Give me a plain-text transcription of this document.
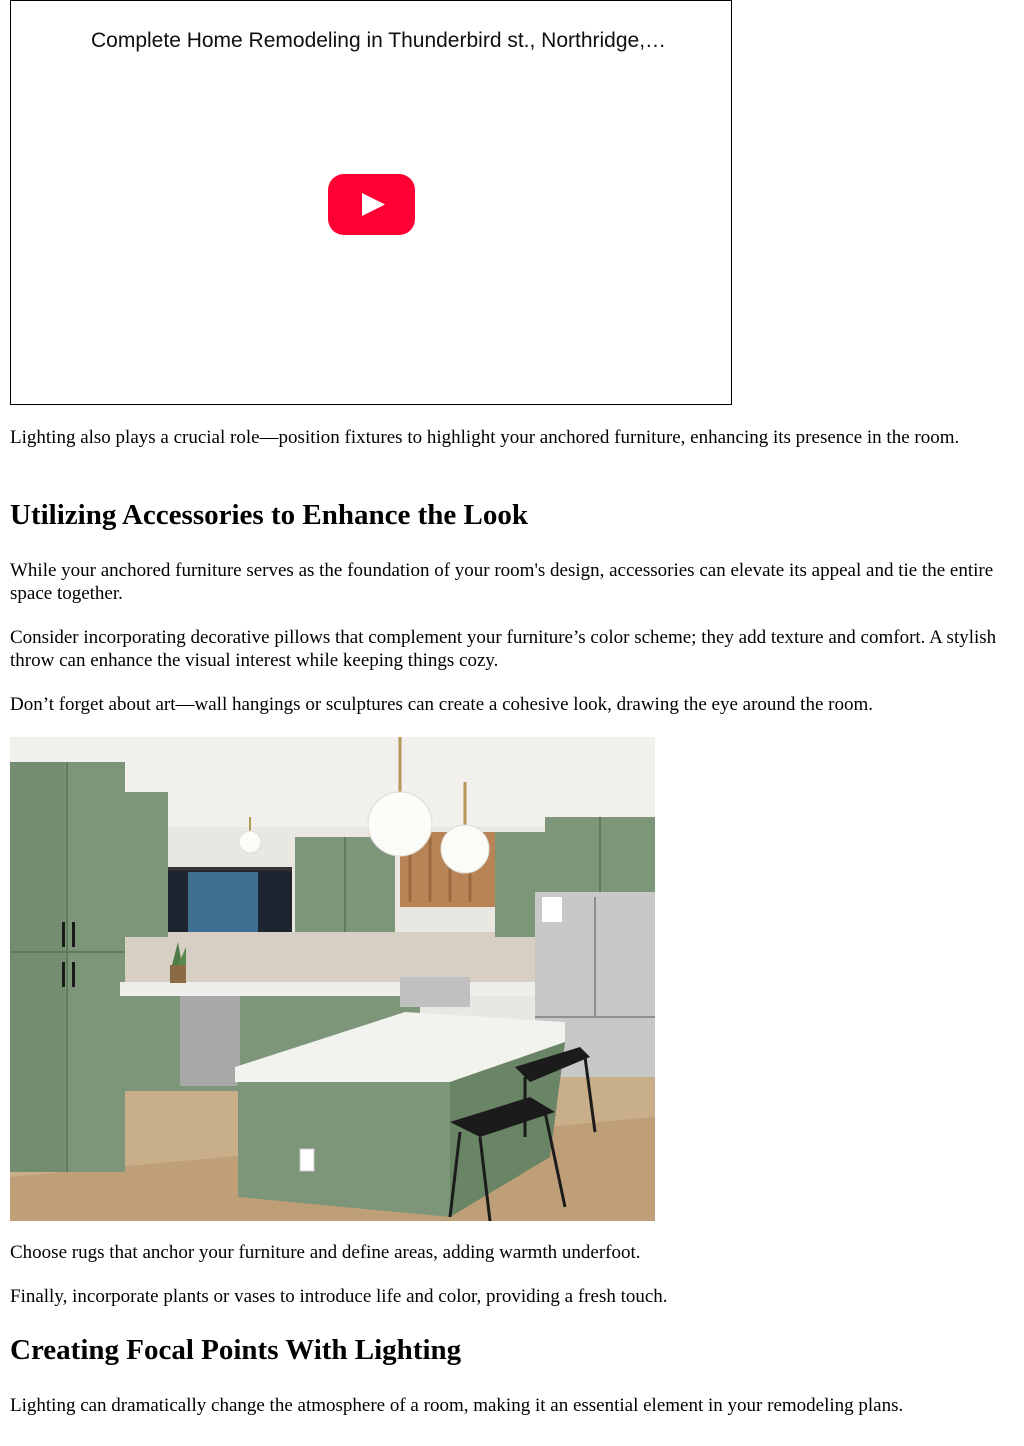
Complete Home Remodeling in Thunderbird st., Northridge,…

Lighting also plays a crucial role—position fixtures to highlight your anchored furniture, enhancing its presence in the room.

Utilizing Accessories to Enhance the Look

While your anchored furniture serves as the foundation of your room's design, accessories can elevate its appeal and tie the entire space together.

Consider incorporating decorative pillows that complement your furniture’s color scheme; they add texture and comfort. A stylish throw can enhance the visual interest while keeping things cozy.

Don’t forget about art—wall hangings or sculptures can create a cohesive look, drawing the eye around the room.

Choose rugs that anchor your furniture and define areas, adding warmth underfoot.

Finally, incorporate plants or vases to introduce life and color, providing a fresh touch.

Creating Focal Points With Lighting

Lighting can dramatically change the atmosphere of a room, making it an essential element in your remodeling plans.
